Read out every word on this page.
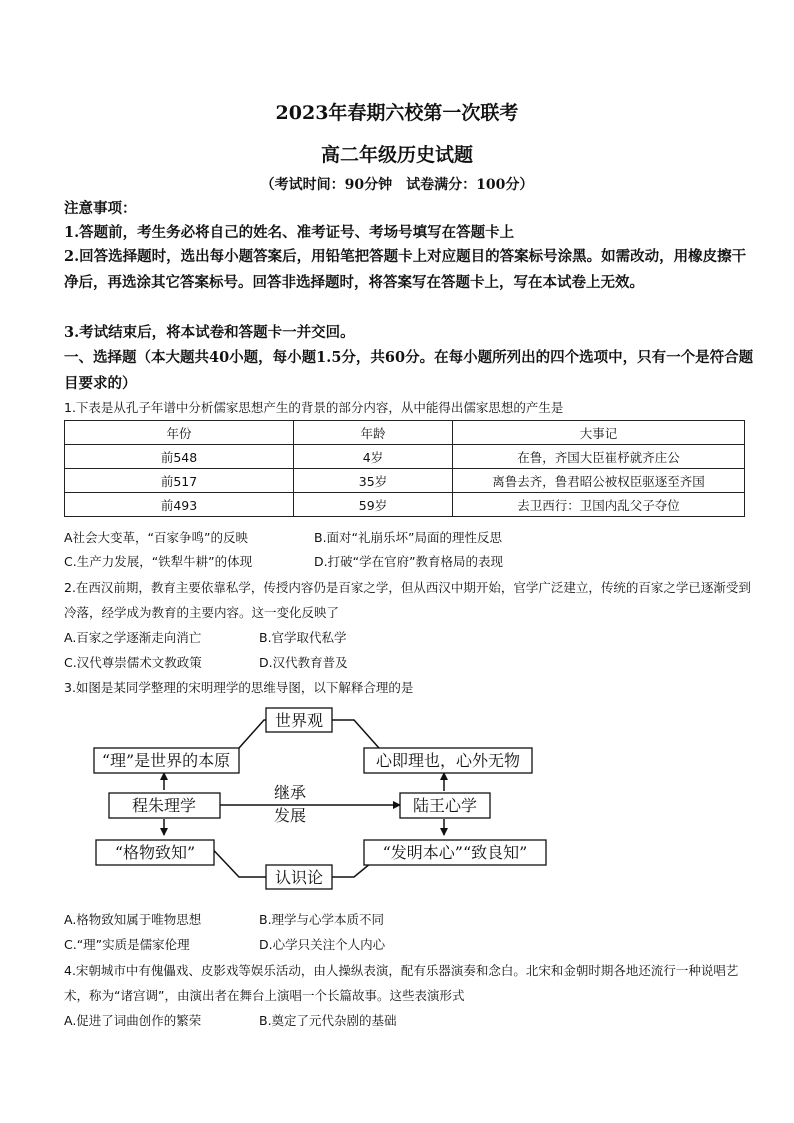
2023年春期六校第一次联考
高二年级历史试题
（考试时间：90分钟　试卷满分：100分）
注意事项：
1.答题前，考生务必将自己的姓名、准考证号、考场号填写在答题卡上
2.回答选择题时，选出每小题答案后，用铅笔把答题卡上对应题目的答案标号涂黑。如需改动，用橡皮擦干净后，再选涂其它答案标号。回答非选择题时，将答案写在答题卡上，写在本试卷上无效。
3.考试结束后，将本试卷和答题卡一并交回。
一、选择题（本大题共40小题，每小题1.5分，共60分。在每小题所列出的四个选项中，只有一个是符合题目要求的）
1.下表是从孔子年谱中分析儒家思想产生的背景的部分内容，从中能得出儒家思想的产生是
年份	年龄	大事记
前548	4岁	在鲁，齐国大臣崔杼就齐庄公
前517	35岁	离鲁去齐，鲁君昭公被权臣驱逐至齐国
前493	59岁	去卫西行：卫国内乱父子夺位
A社会大变革，“百家争鸣”的反映	B.面对“礼崩乐坏”局面的理性反思
C.生产力发展，“铁犁牛耕”的体现	D.打破“学在官府”教育格局的表现
2.在西汉前期，教育主要依靠私学，传授内容仍是百家之学，但从西汉中期开始，官学广泛建立，传统的百家之学已逐渐受到冷落，经学成为教育的主要内容。这一变化反映了
A.百家之学逐渐走向消亡	B.官学取代私学
C.汉代尊崇儒术文教政策	D.汉代教育普及
3.如图是某同学整理的宋明理学的思维导图，以下解释合理的是
世界观
“理”是世界的本原	心即理也，心外无物
程朱理学
继承
发展
陆王心学
“格物致知”	“发明本心”“致良知”
认识论
A.格物致知属于唯物思想	B.理学与心学本质不同
C.“理”实质是儒家伦理	D.心学只关注个人内心
4.宋朝城市中有傀儡戏、皮影戏等娱乐活动，由人操纵表演，配有乐器演奏和念白。北宋和金朝时期各地还流行一种说唱艺术，称为“诸宫调”，由演出者在舞台上演唱一个长篇故事。这些表演形式
A.促进了词曲创作的繁荣	B.奠定了元代杂剧的基础
